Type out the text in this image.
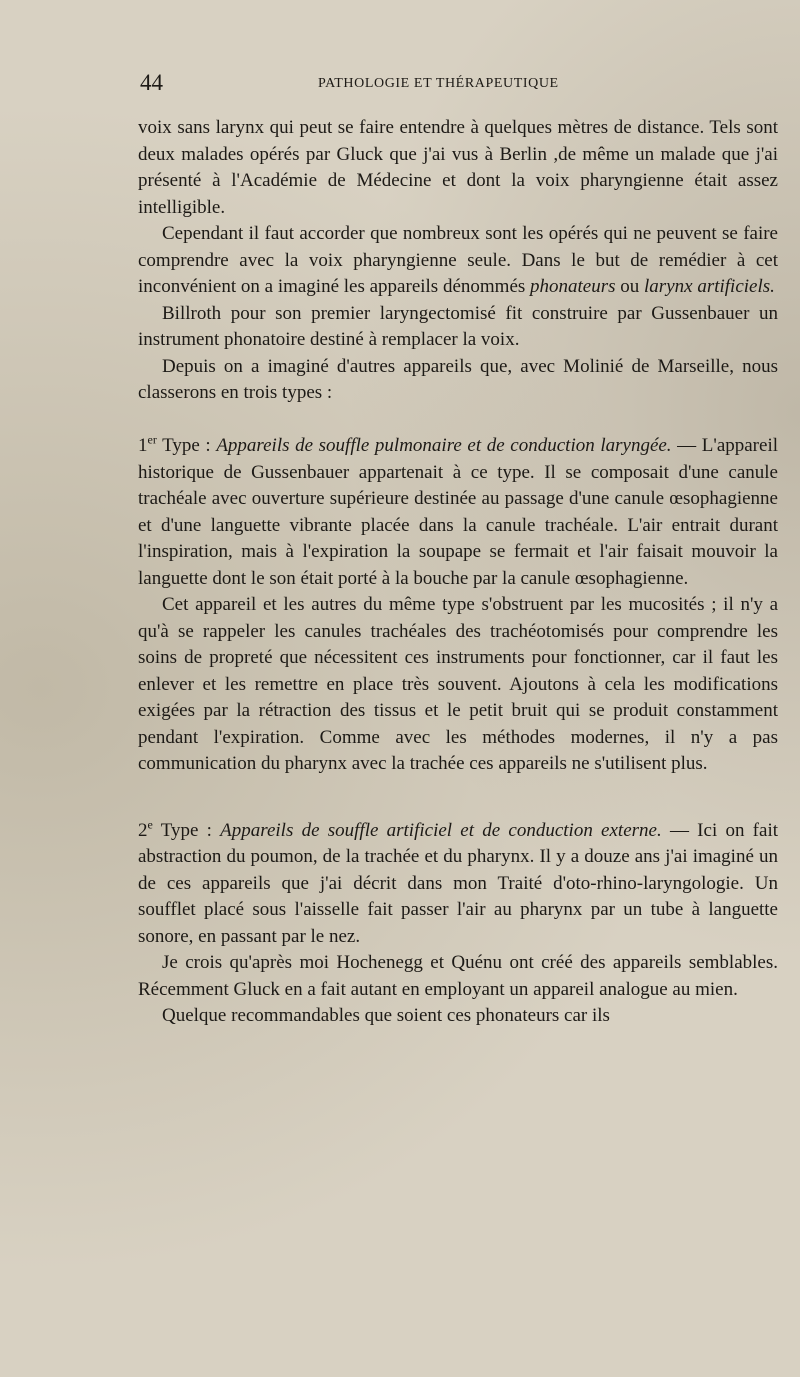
44	PATHOLOGIE ET THÉRAPEUTIQUE

voix sans larynx qui peut se faire entendre à quelques mètres de distance. Tels sont deux malades opérés par Gluck que j'ai vus à Berlin ,de même un malade que j'ai présenté à l'Académie de Médecine et dont la voix pharyngienne était assez intelligible.

Cependant il faut accorder que nombreux sont les opérés qui ne peuvent se faire comprendre avec la voix pharyngienne seule. Dans le but de remédier à cet inconvénient on a imaginé les appareils dénommés phonateurs ou larynx artificiels.

Billroth pour son premier laryngectomisé fit construire par Gussenbauer un instrument phonatoire destiné à remplacer la voix.

Depuis on a imaginé d'autres appareils que, avec Molinié de Marseille, nous classerons en trois types :

1er Type : Appareils de souffle pulmonaire et de conduction laryngée. — L'appareil historique de Gussenbauer appartenait à ce type. Il se composait d'une canule trachéale avec ouverture supérieure destinée au passage d'une canule œsophagienne et d'une languette vibrante placée dans la canule trachéale. L'air entrait durant l'inspiration, mais à l'expiration la soupape se fermait et l'air faisait mouvoir la languette dont le son était porté à la bouche par la canule œsophagienne.

Cet appareil et les autres du même type s'obstruent par les mucosités ; il n'y a qu'à se rappeler les canules trachéales des trachéotomisés pour comprendre les soins de propreté que nécessitent ces instruments pour fonctionner, car il faut les enlever et les remettre en place très souvent. Ajoutons à cela les modifications exigées par la rétraction des tissus et le petit bruit qui se produit constamment pendant l'expiration. Comme avec les méthodes modernes, il n'y a pas communication du pharynx avec la trachée ces appareils ne s'utilisent plus.

2e Type : Appareils de souffle artificiel et de conduction externe. — Ici on fait abstraction du poumon, de la trachée et du pharynx. Il y a douze ans j'ai imaginé un de ces appareils que j'ai décrit dans mon Traité d'oto-rhino-laryngologie. Un soufflet placé sous l'aisselle fait passer l'air au pharynx par un tube à languette sonore, en passant par le nez.

Je crois qu'après moi Hochenegg et Quénu ont créé des appareils semblables. Récemment Gluck en a fait autant en employant un appareil analogue au mien.

Quelque recommandables que soient ces phonateurs car ils
